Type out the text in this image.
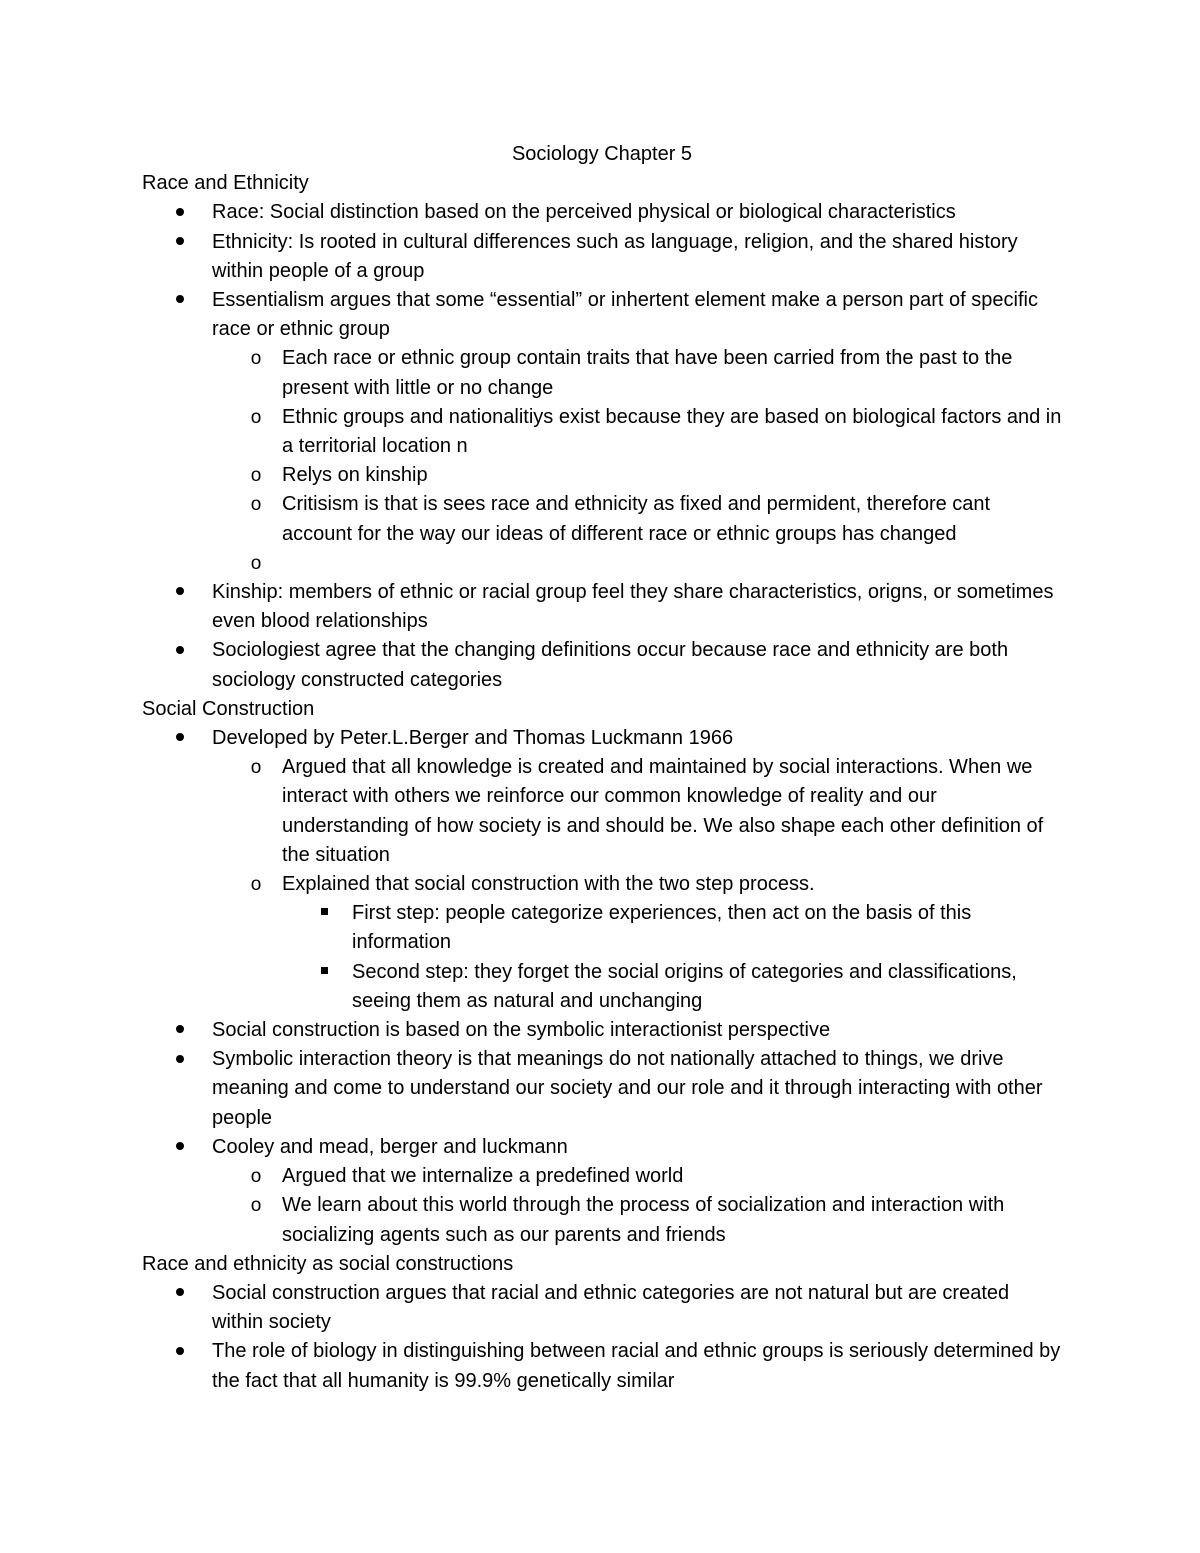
Sociology Chapter 5
Race and Ethnicity
Race: Social distinction based on the perceived physical or biological characteristics
Ethnicity: Is rooted in cultural differences such as language, religion, and the shared history within people of a group
Essentialism argues that some “essential” or inhertent element make a person part of specific race or ethnic group
o Each race or ethnic group contain traits that have been carried from the past to the present with little or no change
o Ethnic groups and nationalitiys exist because they are based on biological factors and in a territorial location n
o Relys on kinship
o Critisism is that is sees race and ethnicity as fixed and permident, therefore cant account for the way our ideas of different race or ethnic groups has changed
o
Kinship: members of ethnic or racial group feel they share characteristics, origns, or sometimes even blood relationships
Sociologiest agree that the changing definitions occur because race and ethnicity are both sociology constructed categories
Social Construction
Developed by Peter.L.Berger and Thomas Luckmann 1966
o Argued that all knowledge is created and maintained by social interactions. When we interact with others we reinforce our common knowledge of reality and our understanding of how society is and should be. We also shape each other definition of the situation
o Explained that social construction with the two step process.
First step: people categorize experiences, then act on the basis of this information
Second step: they forget the social origins of categories and classifications, seeing them as natural and unchanging
Social construction is based on the symbolic interactionist perspective
Symbolic interaction theory is that meanings do not nationally attached to things, we drive meaning and come to understand our society and our role and it through interacting with other people
Cooley and mead, berger and luckmann
o Argued that we internalize a predefined world
o We learn about this world through the process of socialization and interaction with socializing agents such as our parents and friends
Race and ethnicity as social constructions
Social construction argues that racial and ethnic categories are not natural but are created within society
The role of biology in distinguishing between racial and ethnic groups is seriously determined by the fact that all humanity is 99.9% genetically similar
